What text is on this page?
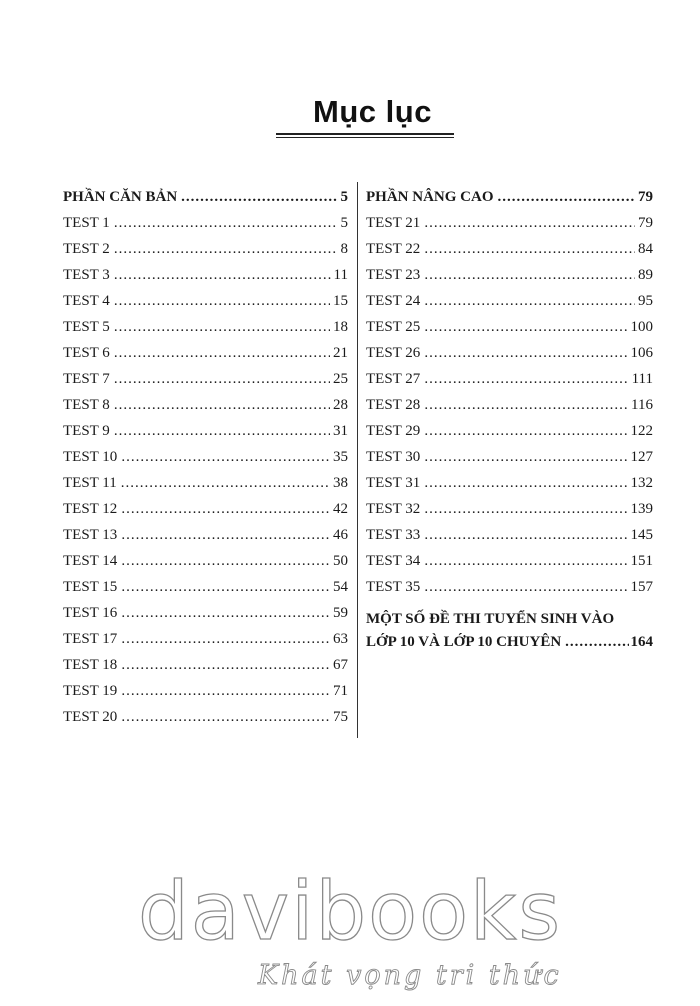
Mục lục
PHẦN CĂN BẢN .....	5
TEST 1 .....	5
TEST 2 .....	8
TEST 3 .....	11
TEST 4 .....	15
TEST 5 .....	18
TEST 6 .....	21
TEST 7 .....	25
TEST 8 .....	28
TEST 9 .....	31
TEST 10 .....	35
TEST 11 .....	38
TEST 12 .....	42
TEST 13 .....	46
TEST 14 .....	50
TEST 15 .....	54
TEST 16 .....	59
TEST 17 .....	63
TEST 18 .....	67
TEST 19 .....	71
TEST 20 .....	75
PHẦN NÂNG CAO .....	79
TEST 21 .....	79
TEST 22 .....	84
TEST 23 .....	89
TEST 24 .....	95
TEST 25 .....	100
TEST 26 .....	106
TEST 27 .....	111
TEST 28 .....	116
TEST 29 .....	122
TEST 30 .....	127
TEST 31 .....	132
TEST 32 .....	139
TEST 33 .....	145
TEST 34 .....	151
TEST 35 .....	157
MỘT SỐ ĐỀ THI TUYỂN SINH VÀO
LỚP 10 VÀ LỚP 10 CHUYÊN .....	164
davibooks
Khát vọng tri thức
